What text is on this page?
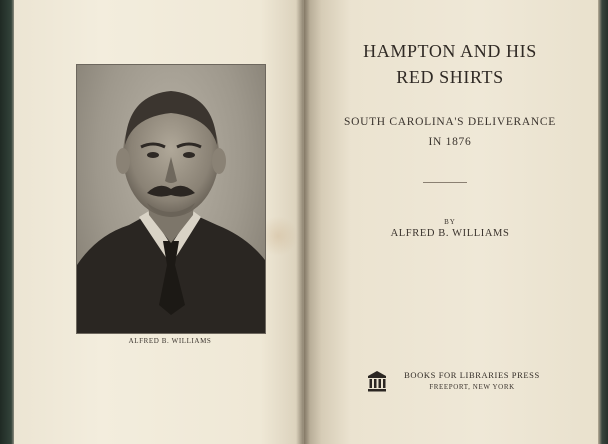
ALFRED B. WILLIAMS
HAMPTON AND HIS
RED SHIRTS
SOUTH CAROLINA'S DELIVERANCE
IN 1876
BY
ALFRED B. WILLIAMS
BOOKS FOR LIBRARIES PRESS
FREEPORT, NEW YORK
